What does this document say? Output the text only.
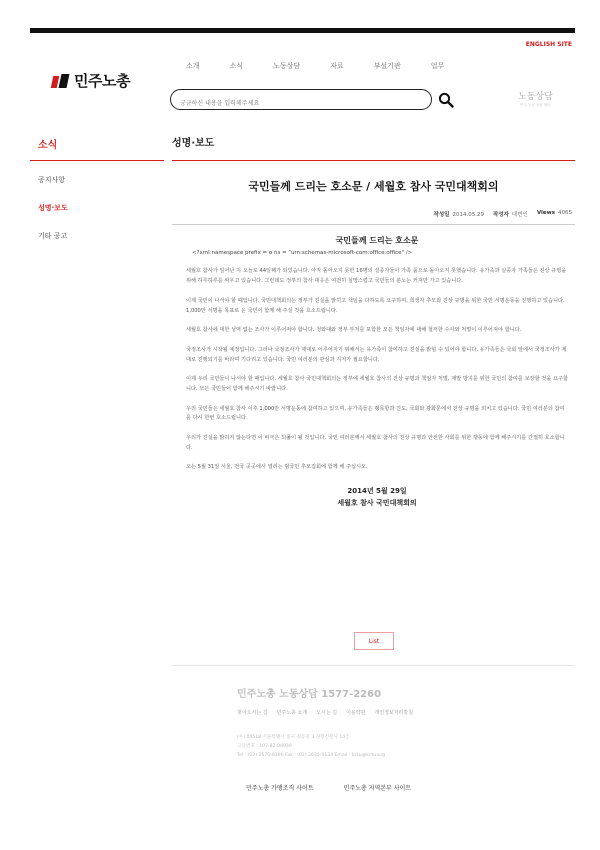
ENGLISH SITE
민주노총
소개	소식	노동상담	자료	부설기관	업무
궁금하신 내용을 입력해주세요
노동상담
민주 노동 상담 센터
소식
공지사항
성명·보도
기타 공고
성명·보도
국민들께 드리는 호소문 / 세월호 참사 국민대책회의
작성일 2014.05.29 작성자 대변인 Views 4065
국민들께 드리는 호소문
<?xml:namespace prefix = o ns = "urn:schemas-microsoft-com:office:office" />

세월호 참사가 일어난 지 오늘로 44일째가 되었습니다. 아직 돌아오지 못한 16명의 실종자들이 가족 품으로 돌아오지 못했습니다. 유가족과 실종자 가족들은 진상 규명을 위해 하루하루를 싸우고 있습니다. 그런데도 정부의 참사 대응은 여전히 실망스럽고 국민들의 분노는 커져만 가고 있습니다.

이제 국민이 나서야 할 때입니다. 국민대책회의는 정부가 진실을 밝히고 책임을 다하도록 요구하며, 희생자 추모와 진상 규명을 위한 국민 서명운동을 진행하고 있습니다. 1,000만 서명을 목표로 온 국민이 함께 해 주실 것을 호소드립니다.

세월호 참사에 대한 성역 없는 조사가 이루어져야 합니다. 청와대와 정부 부처를 포함한 모든 책임자에 대해 철저한 수사와 처벌이 이루어져야 합니다.

국정조사가 시작될 예정입니다. 그러나 국정조사가 제대로 이루어지기 위해서는 유가족이 참여하고 진실을 밝힐 수 있어야 합니다. 유가족들은 국회 앞에서 국정조사가 제대로 진행되기를 바라며 기다리고 있습니다. 국민 여러분의 관심과 지지가 필요합니다.

이제 우리 국민들이 나서야 할 때입니다. 세월호 참사 국민대책회의는 정부에 세월호 참사의 진상 규명과 책임자 처벌, 재발 방지를 위한 국민의 참여를 보장할 것을 요구합니다. 모든 국민들이 함께 해주시기 바랍니다.

우리 국민들은 세월호 참사 이후 1,000만 서명운동에 참여하고 있으며, 유가족들은 팽목항과 진도, 국회와 광화문에서 진상 규명을 외치고 있습니다. 국민 여러분의 참여를 다시 한번 호소드립니다.

우리가 진실을 밝히지 않는다면 이 비극은 되풀이 될 것입니다. 국민 여러분께서 세월호 참사의 진상 규명과 안전한 사회를 위한 행동에 함께 해주시기를 간절히 호소합니다.

오는 5월 31일 서울, 전국 곳곳에서 열리는 범국민 추모집회에 함께 해 주십시오.

2014년 5월 29일
세월호 참사 국민대책회의
List
민주노총 노동상담 1577-2260
찾아오시는 길 민주노총 소개 오시는 길 이용약관 개인정보처리방침
(우) 04518 서울특별시 중구 정동길 3 경향신문사 14층
고유번호 : 107-82-08939
Tel : (02) 2670-9100 Fax : (02) 2635-1134 Email : kctu@kctu.org
민주노총 가맹조직 사이트	민주노총 지역본부 사이트
